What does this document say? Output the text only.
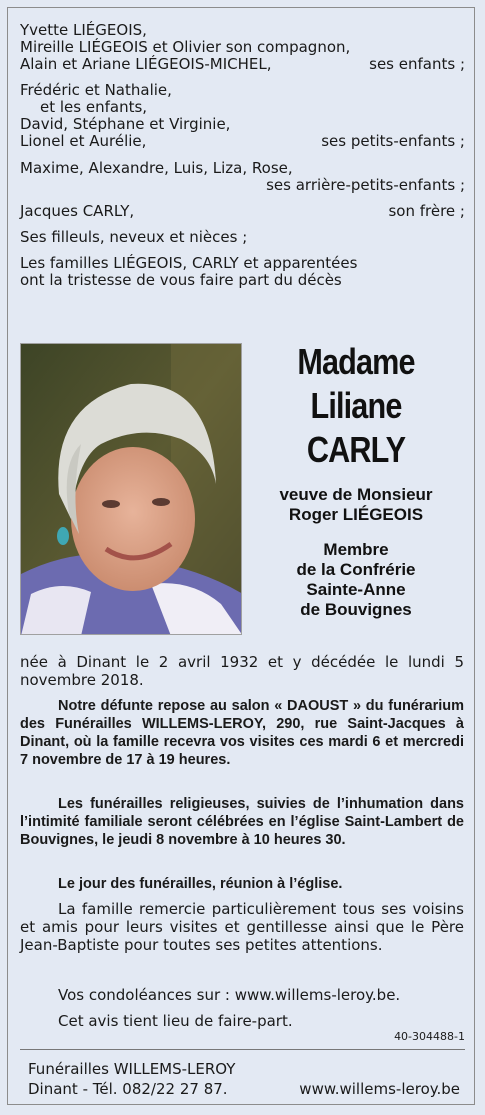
Yvette LIÉGEOIS,
Mireille LIÉGEOIS et Olivier son compagnon,
Alain et Ariane LIÉGEOIS-MICHEL,	ses enfants ;
Frédéric et Nathalie,
et les enfants,
David, Stéphane et Virginie,
Lionel et Aurélie,	ses petits-enfants ;
Maxime, Alexandre, Luis, Liza, Rose,
ses arrière-petits-enfants ;
Jacques CARLY,	son frère ;
Ses filleuls, neveux et nièces ;
Les familles LIÉGEOIS, CARLY et apparentées
ont la tristesse de vous faire part du décès
Madame
Liliane
CARLY
veuve de Monsieur
Roger LIÉGEOIS
Membre
de la Confrérie
Sainte-Anne
de Bouvignes
née à Dinant le 2 avril 1932 et y décédée le lundi 5 novembre 2018.
Notre défunte repose au salon « DAOUST » du funérarium des Funérailles WILLEMS-LEROY, 290, rue Saint-Jacques à Dinant, où la famille recevra vos visites ces mardi 6 et mercredi 7 novembre de 17 à 19 heures.
Les funérailles religieuses, suivies de l’inhumation dans l’intimité familiale seront célébrées en l’église Saint-Lambert de Bouvignes, le jeudi 8 novembre à 10 heures 30.
Le jour des funérailles, réunion à l’église.
La famille remercie particulièrement tous ses voisins et amis pour leurs visites et gentillesse ainsi que le Père Jean-Baptiste pour toutes ses petites attentions.
Vos condoléances sur : www.willems-leroy.be.
Cet avis tient lieu de faire-part.
40-304488-1
Funérailles WILLEMS-LEROY
Dinant - Tél. 082/22 27 87.	www.willems-leroy.be
